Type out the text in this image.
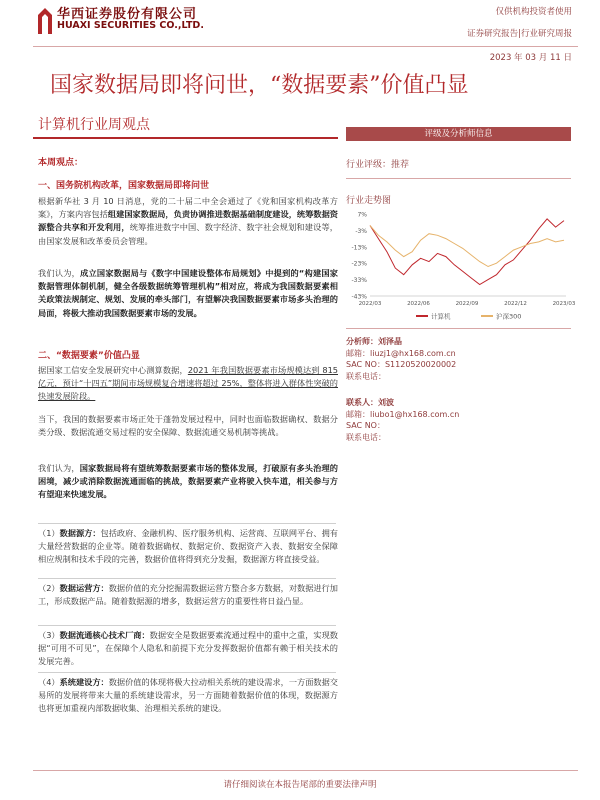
华西证券股份有限公司
HUAXI SECURITIES CO.,LTD.
仅供机构投资者使用
证券研究报告|行业研究周报
2023 年 03 月 11 日
国家数据局即将问世，“数据要素”价值凸显
计算机行业周观点
评级及分析师信息
行业评级：推荐
行业走势图
7%
-3%
-13%
-23%
-33%
-43%
2022/03	2022/06	2022/09	2022/12	2023/03
计算机	沪深300
分析师：刘泽晶
邮箱：liuzj1@hx168.com.cn
SAC NO：S1120520020002
联系电话：
联系人：刘波
邮箱：liubo1@hx168.com.cn
SAC NO：
联系电话：
本周观点：
一、国务院机构改革，国家数据局即将问世
根据新华社 3 月 10 日消息，党的二十届二中全会通过了《党和国家机构改革方案》，方案内容包括组建国家数据局，负责协调推进数据基础制度建设，统筹数据资源整合共享和开发利用，统筹推进数字中国、数字经济、数字社会规划和建设等，由国家发展和改革委员会管理。
我们认为，成立国家数据局与《数字中国建设整体布局规划》中提到的“构建国家数据管理体制机制，健全各级数据统筹管理机构”相对应，将成为我国数据要素相关政策法规制定、规划、发展的牵头部门，有望解决我国数据要素市场多头治理的局面，将极大推动我国数据要素市场的发展。
二、“数据要素”价值凸显
据国家工信安全发展研究中心测算数据，2021 年我国数据要素市场规模达到 815 亿元，预计“十四五”期间市场规模复合增速将超过 25%，整体将进入群体性突破的快速发展阶段。
当下，我国的数据要素市场正处于蓬勃发展过程中，同时也面临数据确权、数据分类分级、数据流通交易过程的安全保障、数据流通交易机制等挑战。
我们认为，国家数据局将有望统筹数据要素市场的整体发展，打破原有多头治理的困境，减少或消除数据流通面临的挑战，数据要素产业将驶入快车道，相关参与方有望迎来快速发展。
（1）数据源方：包括政府、金融机构、医疗服务机构、运营商、互联网平台、拥有大量经营数据的企业等。随着数据确权、数据定价、数据资产入表、数据安全保障相应规制和技术手段的完善，数据价值将得到充分发掘，数据源方将直接受益。
（2）数据运营方：数据价值的充分挖掘需数据运营方整合多方数据，对数据进行加工，形成数据产品。随着数据源的增多，数据运营方的重要性将日益凸显。
（3）数据流通核心技术厂商：数据安全是数据要素流通过程中的重中之重，实现数据“可用不可见”，在保障个人隐私和前提下充分发挥数据价值都有赖于相关技术的发展完善。
（4）系统建设方：数据价值的体现将极大拉动相关系统的建设需求，一方面数据交易所的发展将带来大量的系统建设需求，另一方面随着数据价值的体现，数据源方也将更加重视内部数据收集、治理相关系统的建设。
请仔细阅读在本报告尾部的重要法律声明
